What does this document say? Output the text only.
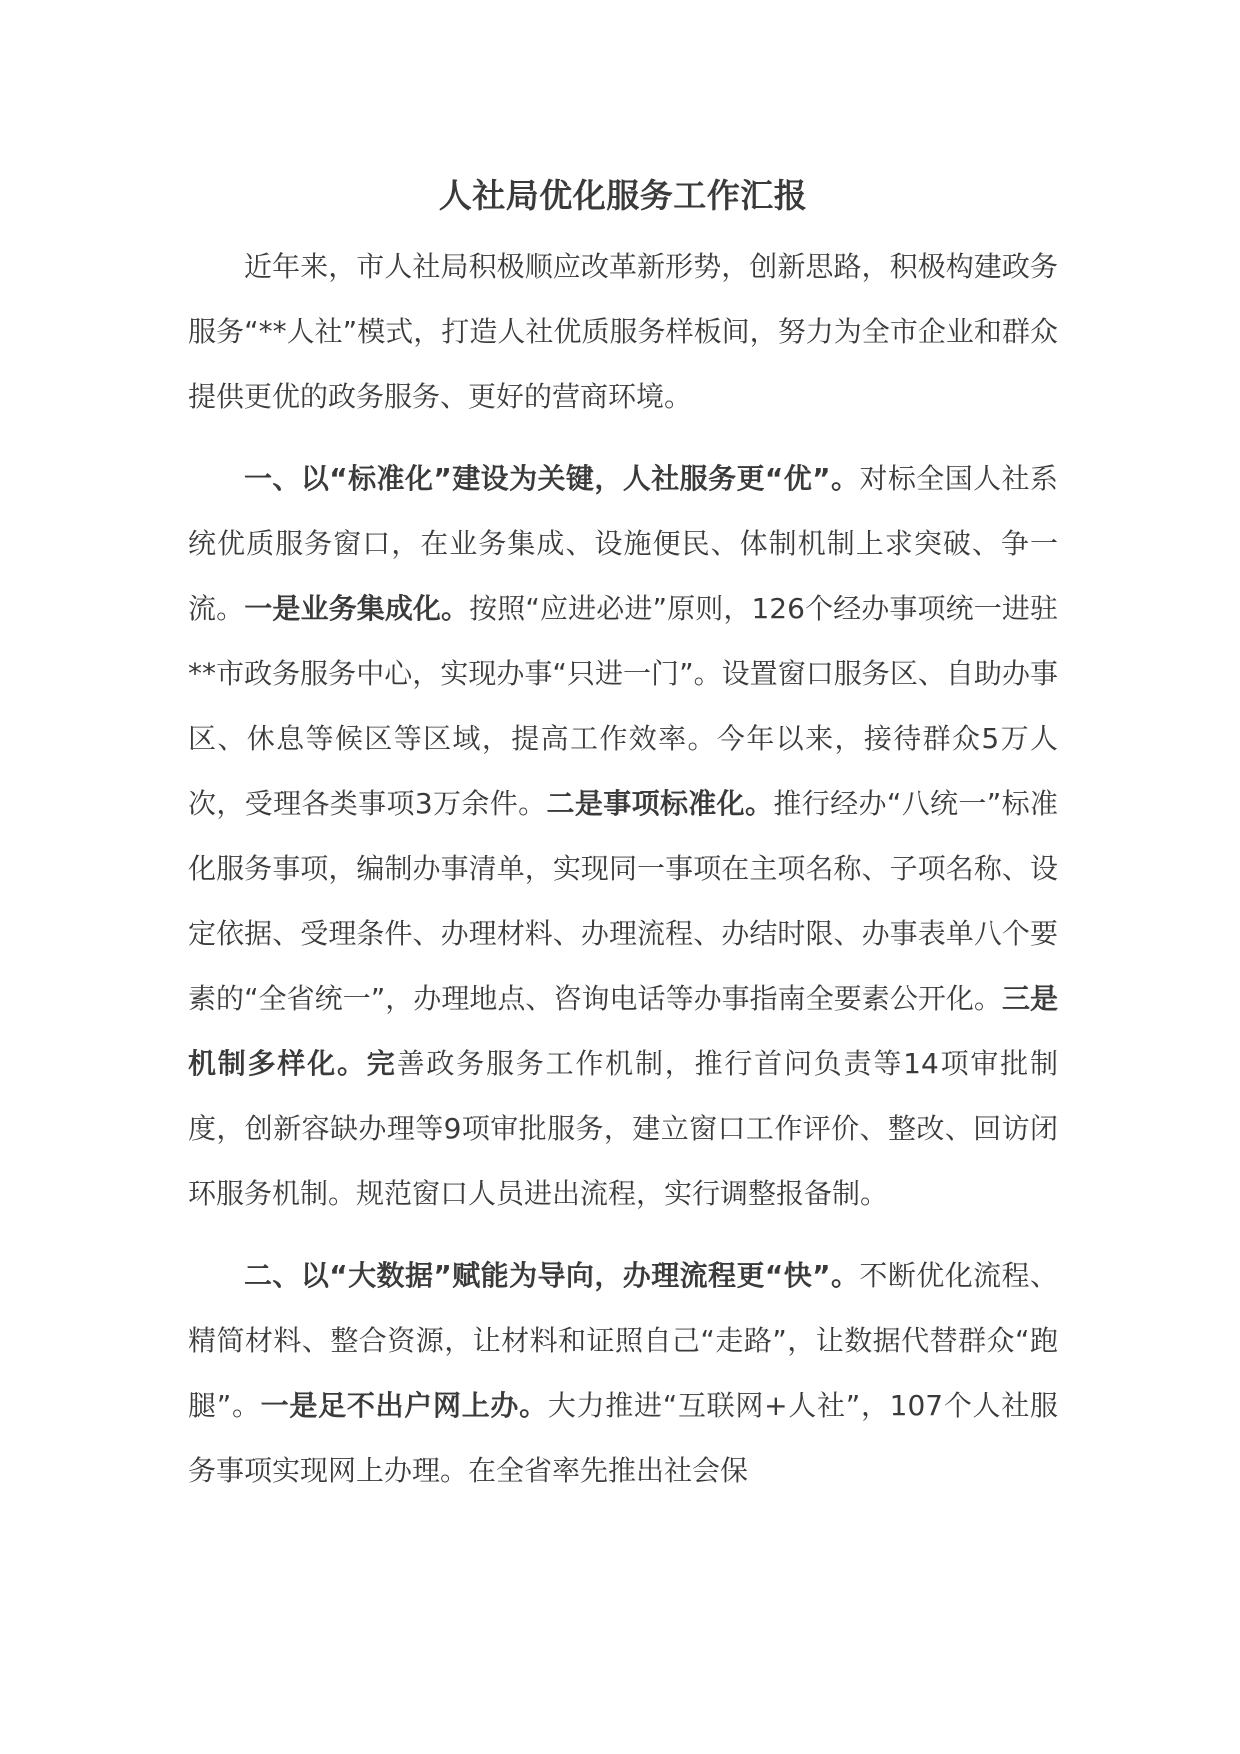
人社局优化服务工作汇报

近年来，市人社局积极顺应改革新形势，创新思路，积极构建政务服务“**人社”模式，打造人社优质服务样板间，努力为全市企业和群众提供更优的政务服务、更好的营商环境。

一、以“标准化”建设为关键，人社服务更“优”。对标全国人社系统优质服务窗口，在业务集成、设施便民、体制机制上求突破、争一流。一是业务集成化。按照“应进必进”原则，126个经办事项统一进驻**市政务服务中心，实现办事“只进一门”。设置窗口服务区、自助办事区、休息等候区等区域，提高工作效率。今年以来，接待群众5万人次，受理各类事项3万余件。二是事项标准化。推行经办“八统一”标准化服务事项，编制办事清单，实现同一事项在主项名称、子项名称、设定依据、受理条件、办理材料、办理流程、办结时限、办事表单八个要素的“全省统一”，办理地点、咨询电话等办事指南全要素公开化。三是机制多样化。完善政务服务工作机制，推行首问负责等14项审批制度，创新容缺办理等9项审批服务，建立窗口工作评价、整改、回访闭环服务机制。规范窗口人员进出流程，实行调整报备制。

二、以“大数据”赋能为导向，办理流程更“快”。不断优化流程、精简材料、整合资源，让材料和证照自己“走路”，让数据代替群众“跑腿”。一是足不出户网上办。大力推进“互联网+人社”，107个人社服务事项实现网上办理。在全省率先推出社会保
